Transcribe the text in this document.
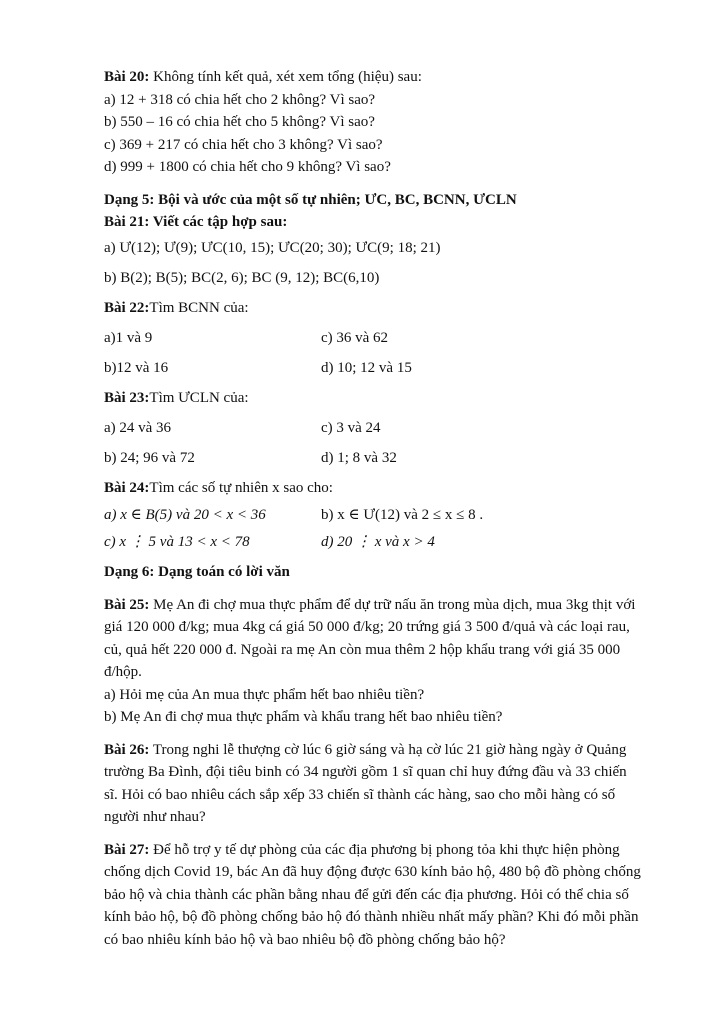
Bài 20: Không tính kết quả, xét xem tổng (hiệu) sau:
a) 12 + 318 có chia hết cho 2 không? Vì sao?
b) 550 – 16 có chia hết cho 5 không? Vì sao?
c) 369 + 217 có chia hết cho 3 không? Vì sao?
d) 999 + 1800 có chia hết cho 9 không? Vì sao?
Dạng 5: Bội và ước của một số tự nhiên; ƯC, BC, BCNN, ƯCLN
Bài 21: Viết các tập hợp sau:
a) Ư(12); Ư(9); ƯC(10, 15); ƯC(20; 30); ƯC(9; 18; 21)
b) B(2); B(5); BC(2, 6); BC (9, 12); BC(6,10)
Bài 22: Tìm BCNN của:
a)1 và 9	c) 36 và 62
b)12 và 16	d) 10; 12 và 15
Bài 23: Tìm ƯCLN của:
a) 24 và 36	c) 3 và 24
b) 24; 96 và 72	d) 1; 8 và 32
Bài 24: Tìm các số tự nhiên x sao cho:
a) x ∈ B(5) và 20 < x < 36	b) x ∈ Ư(12) và 2 ≤ x ≤ 8 .
c) x ⋮ 5 và 13 < x < 78	d) 20 ⋮ x và x > 4
Dạng 6: Dạng toán có lời văn
Bài 25: Mẹ An đi chợ mua thực phẩm để dự trữ nấu ăn trong mùa dịch, mua 3kg thịt với
giá 120 000 đ/kg; mua 4kg cá giá 50 000 đ/kg; 20 trứng giá 3 500 đ/quả và các loại rau,
củ, quả hết 220 000 đ. Ngoài ra mẹ An còn mua thêm 2 hộp khẩu trang với giá 35 000
đ/hộp.
a) Hỏi mẹ của An mua thực phẩm hết bao nhiêu tiền?
b) Mẹ An đi chợ mua thực phẩm và khẩu trang hết bao nhiêu tiền?
Bài 26: Trong nghi lễ thượng cờ lúc 6 giờ sáng và hạ cờ lúc 21 giờ hàng ngày ở Quảng
trường Ba Đình, đội tiêu binh có 34 người gồm 1 sĩ quan chỉ huy đứng đầu và 33 chiến
sĩ. Hỏi có bao nhiêu cách sắp xếp 33 chiến sĩ thành các hàng, sao cho mỗi hàng có số
người như nhau?
Bài 27: Để hỗ trợ y tế dự phòng của các địa phương bị phong tỏa khi thực hiện phòng
chống dịch Covid 19, bác An đã huy động được 630 kính bảo hộ, 480 bộ đồ phòng chống
bảo hộ và chia thành các phần bằng nhau để gửi đến các địa phương. Hỏi có thể chia số
kính bảo hộ, bộ đồ phòng chống bảo hộ đó thành nhiều nhất mấy phần? Khi đó mỗi phần
có bao nhiêu kính bảo hộ và bao nhiêu bộ đồ phòng chống bảo hộ?
